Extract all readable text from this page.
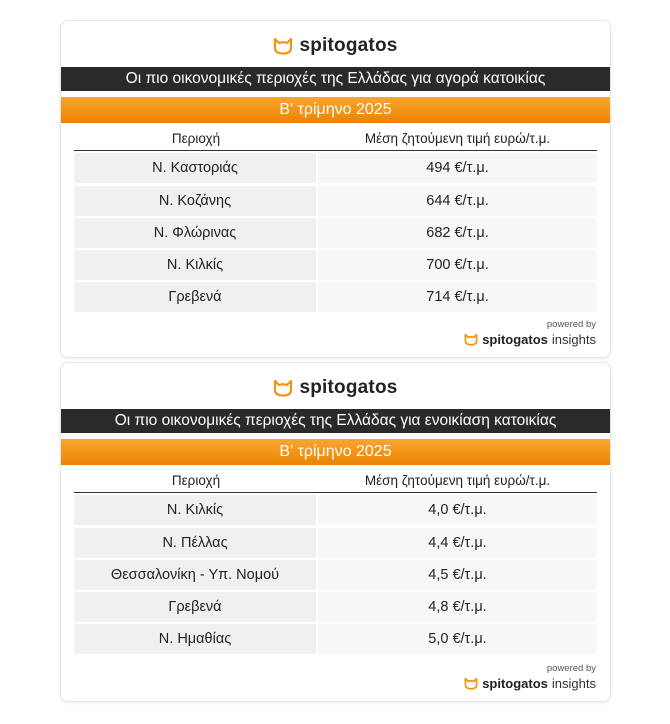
spitogatos
Οι πιο οικονομικές περιοχές της Ελλάδας για αγορά κατοικίας
Β' τρίμηνο 2025
Περιοχή	Μέση ζητούμενη τιμή ευρώ/τ.μ.
Ν. Καστοριάς	494 €/τ.μ.
Ν. Κοζάνης	644 €/τ.μ.
Ν. Φλώρινας	682 €/τ.μ.
Ν. Κιλκίς	700 €/τ.μ.
Γρεβενά	714 €/τ.μ.
powered by
spitogatos insights
spitogatos
Οι πιο οικονομικές περιοχές της Ελλάδας για ενοικίαση κατοικίας
Β' τρίμηνο 2025
Περιοχή	Μέση ζητούμενη τιμή ευρώ/τ.μ.
Ν. Κιλκίς	4,0 €/τ.μ.
Ν. Πέλλας	4,4 €/τ.μ.
Θεσσαλονίκη - Υπ. Νομού	4,5 €/τ.μ.
Γρεβενά	4,8 €/τ.μ.
Ν. Ημαθίας	5,0 €/τ.μ.
powered by
spitogatos insights
